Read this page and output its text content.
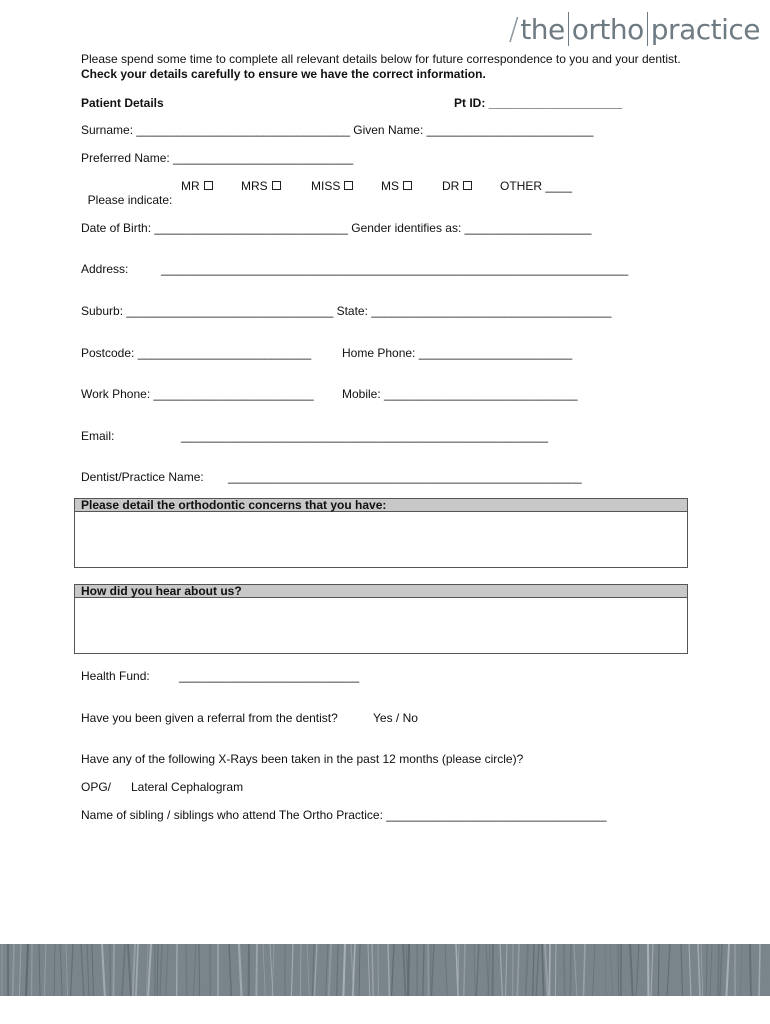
/ the ortho practice
Please spend some time to complete all relevant details below for future correspondence to you and your dentist.
Check your details carefully to ensure we have the correct information.
Patient Details	Pt ID: ____________________
Surname: ________________________________ Given Name: _________________________
Preferred Name: ___________________________

Please indicate:

MR	MRS	MISS	MS	DR	OTHER ____
Date of Birth: _____________________________ Gender identifies as: ___________________
Address:	______________________________________________________________________
Suburb: _______________________________ State: ____________________________________
Postcode: __________________________	Home Phone: _______________________
Work Phone: ________________________ Mobile: _____________________________
Email:	_______________________________________________________
Dentist/Practice Name: _____________________________________________________
Please detail the orthodontic concerns that you have:
How did you hear about us?
Health Fund: ___________________________
Have you been given a referral from the dentist?	Yes / No
Have any of the following X-Rays been taken in the past 12 months (please circle)?
OPG/ Lateral Cephalogram
Name of sibling / siblings who attend The Ortho Practice: _________________________________
